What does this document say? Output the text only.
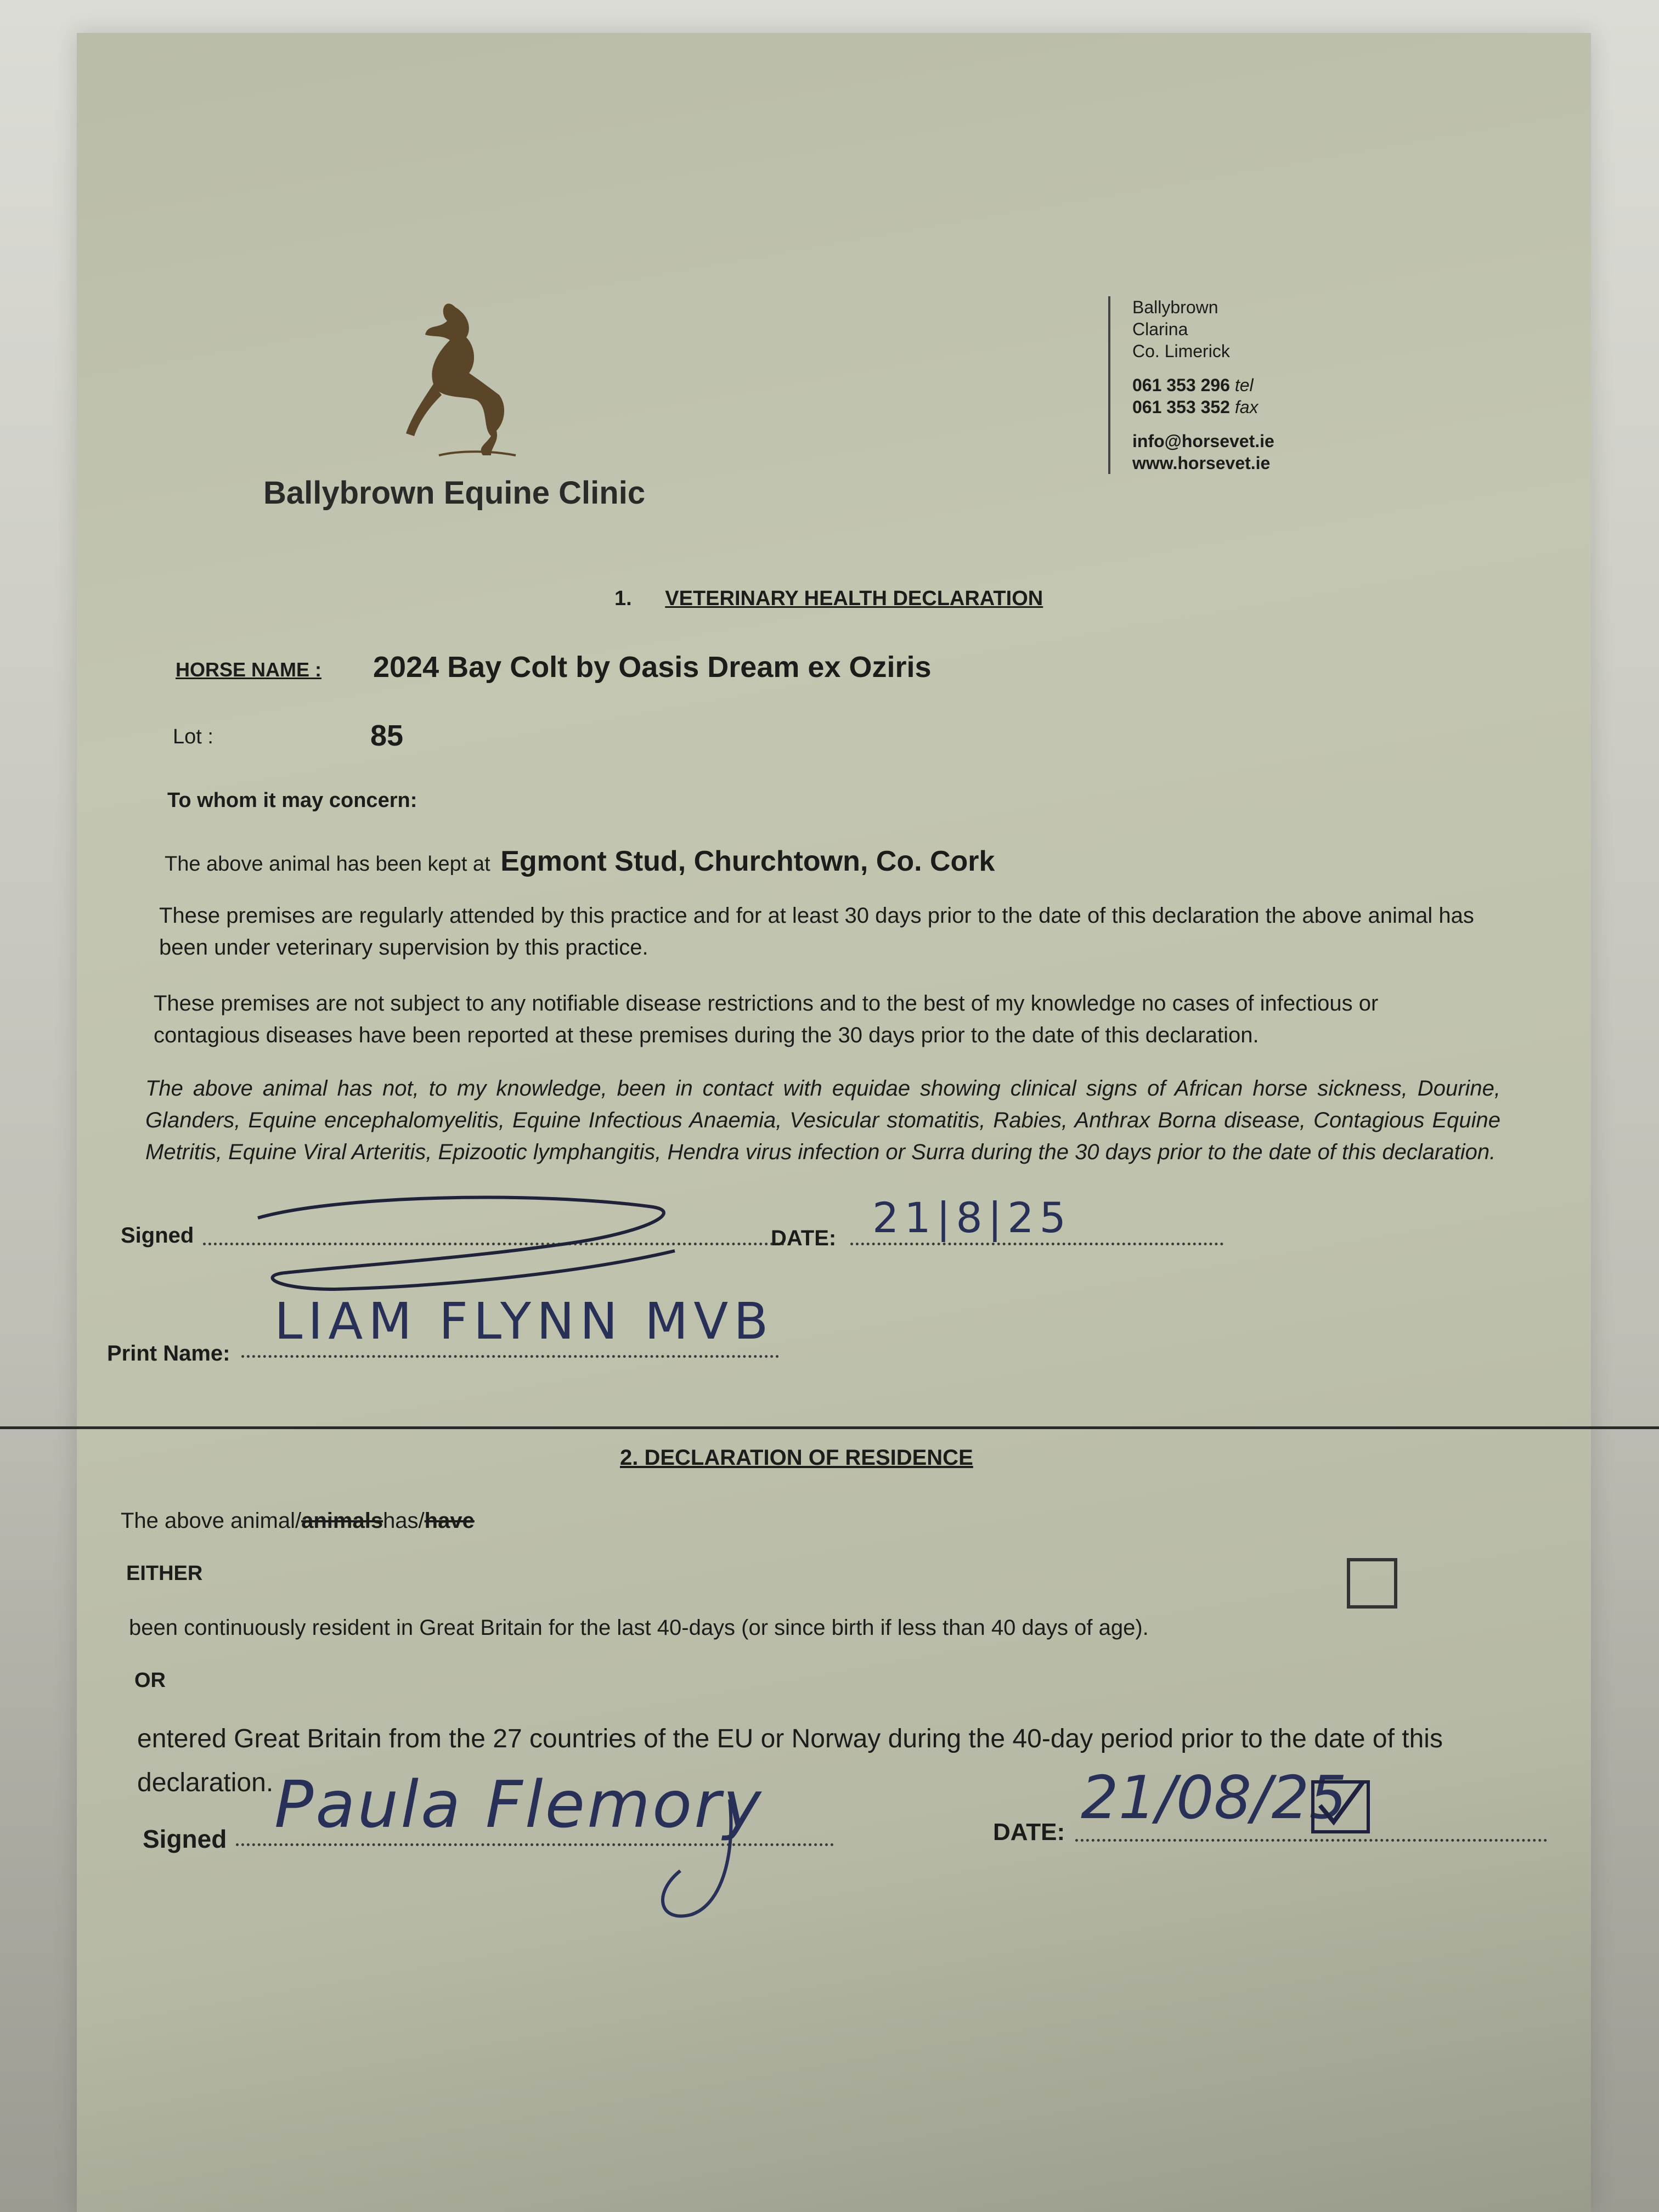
Ballybrown Equine Clinic
Ballybrown
Clarina
Co. Limerick
061 353 296 tel
061 353 352 fax
info@horsevet.ie
www.horsevet.ie
1. VETERINARY HEALTH DECLARATION
HORSE NAME : 2024 Bay Colt by Oasis Dream ex Oziris
Lot :	85
To whom it may concern:
The above animal has been kept at Egmont Stud, Churchtown, Co. Cork
These premises are regularly attended by this practice and for at least 30 days prior to the date of this declaration the above animal has been under veterinary supervision by this practice.
These premises are not subject to any notifiable disease restrictions and to the best of my knowledge no cases of infectious or contagious diseases have been reported at these premises during the 30 days prior to the date of this declaration.
The above animal has not, to my knowledge, been in contact with equidae showing clinical signs of African horse sickness, Dourine, Glanders, Equine encephalomyelitis, Equine Infectious Anaemia, Vesicular stomatitis, Rabies, Anthrax Borna disease, Contagious Equine Metritis, Equine Viral Arteritis, Epizootic lymphangitis, Hendra virus infection or Surra during the 30 days prior to the date of this declaration.
Signed	DATE: 21|8|25
Print Name:
LIAM FLYNN MVB
2. DECLARATION OF RESIDENCE
The above animal/animalshas/have
EITHER
been continuously resident in Great Britain for the last 40-days (or since birth if less than 40 days of age).
OR
entered Great Britain from the 27 countries of the EU or Norway during the 40-day period prior to the date of this declaration.
Signed Paula Flemory	DATE: 21/08/25
